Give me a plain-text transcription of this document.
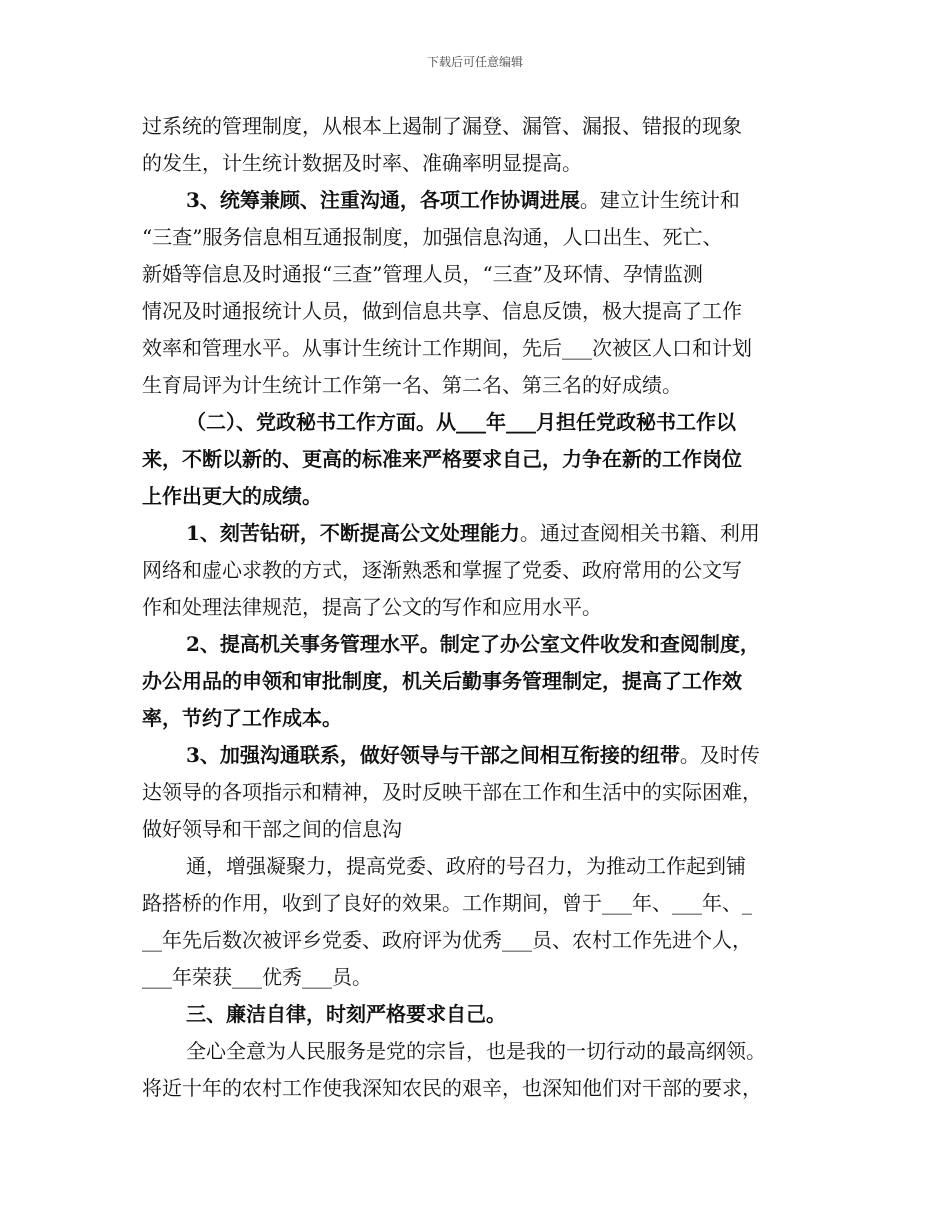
下载后可任意编辑
过系统的管理制度，从根本上遏制了漏登、漏管、漏报、错报的现象
的发生，计生统计数据及时率、准确率明显提高。
3、统筹兼顾、注重沟通，各项工作协调进展。建立计生统计和
“三查”服务信息相互通报制度，加强信息沟通，人口出生、死亡、
新婚等信息及时通报“三查”管理人员，“三查”及环情、孕情监测
情况及时通报统计人员，做到信息共享、信息反馈，极大提高了工作
效率和管理水平。从事计生统计工作期间，先后___次被区人口和计划
生育局评为计生统计工作第一名、第二名、第三名的好成绩。
（二）、党政秘书工作方面。从___年___月担任党政秘书工作以
来，不断以新的、更高的标准来严格要求自己，力争在新的工作岗位
上作出更大的成绩。
1、刻苦钻研，不断提高公文处理能力。通过查阅相关书籍、利用
网络和虚心求教的方式，逐渐熟悉和掌握了党委、政府常用的公文写
作和处理法律规范，提高了公文的写作和应用水平。
2、提高机关事务管理水平。制定了办公室文件收发和查阅制度，
办公用品的申领和审批制度，机关后勤事务管理制定，提高了工作效
率，节约了工作成本。
3、加强沟通联系，做好领导与干部之间相互衔接的纽带。及时传
达领导的各项指示和精神，及时反映干部在工作和生活中的实际困难，
做好领导和干部之间的信息沟
通，增强凝聚力，提高党委、政府的号召力，为推动工作起到铺
路搭桥的作用，收到了良好的效果。工作期间，曾于___年、___年、_
__年先后数次被评乡党委、政府评为优秀___员、农村工作先进个人，
___年荣获___优秀___员。
三、廉洁自律，时刻严格要求自己。
全心全意为人民服务是党的宗旨，也是我的一切行动的最高纲领。
将近十年的农村工作使我深知农民的艰辛，也深知他们对干部的要求，
